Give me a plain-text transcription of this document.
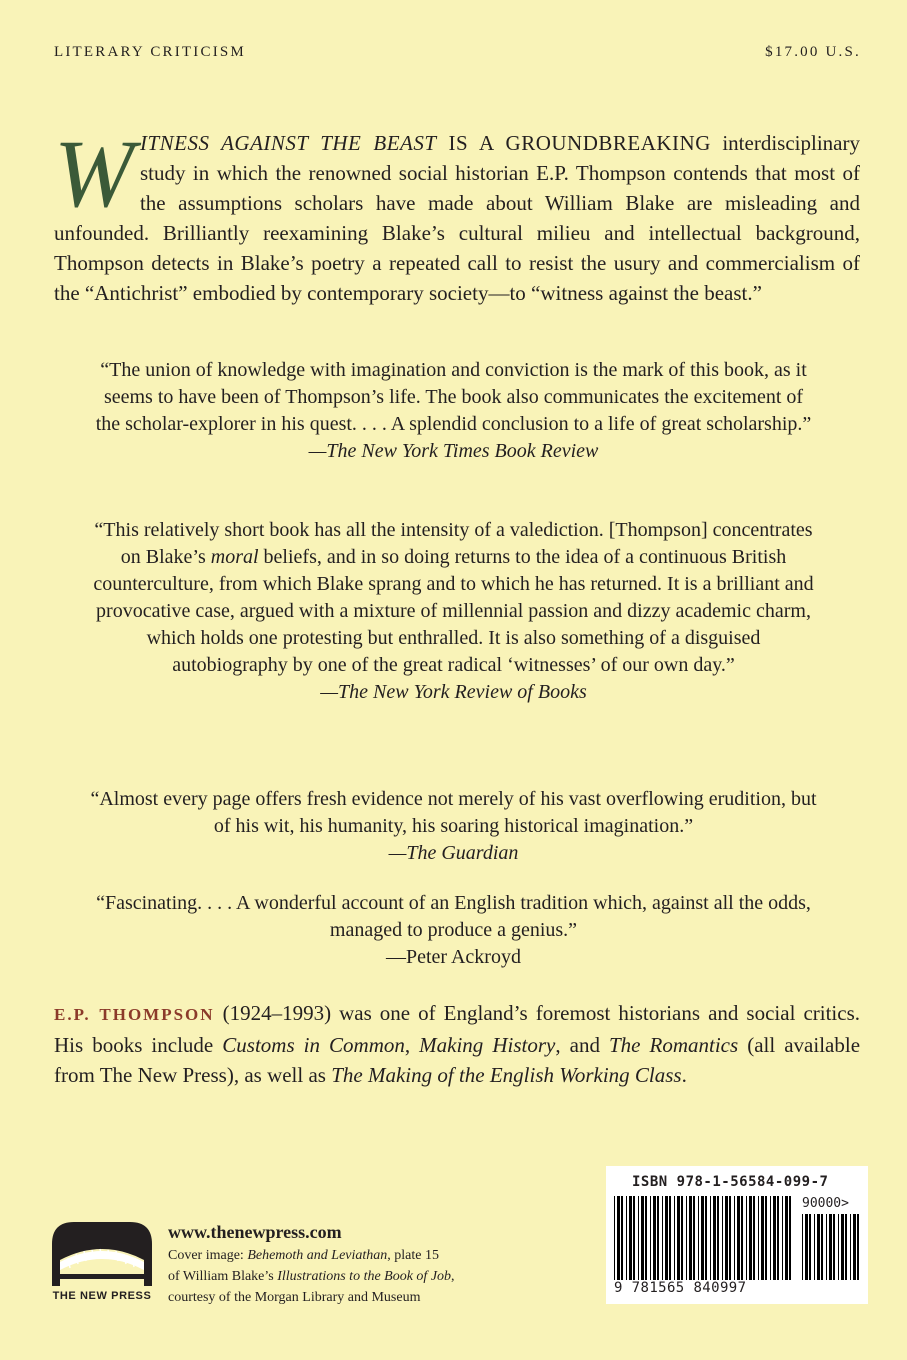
LITERARY CRITICISM	$17.00 U.S.
WITNESS AGAINST THE BEAST IS A GROUNDBREAKING interdisciplinary study in which the renowned social historian E.P. Thompson contends that most of the assumptions scholars have made about William Blake are misleading and unfounded. Brilliantly reexamining Blake’s cultural milieu and intellectual background, Thompson detects in Blake’s poetry a repeated call to resist the usury and commercialism of the “Antichrist” embodied by contemporary society—to “witness against the beast.”

“The union of knowledge with imagination and conviction is the mark of this book, as it seems to have been of Thompson’s life. The book also communicates the excitement of the scholar-explorer in his quest. . . . A splendid conclusion to a life of great scholarship.”

—The New York Times Book Review

“This relatively short book has all the intensity of a valediction. [Thompson] concentrates on Blake’s moral beliefs, and in so doing returns to the idea of a continuous British counterculture, from which Blake sprang and to which he has returned. It is a brilliant and provocative case, argued with a mixture of millennial passion and dizzy academic charm, which holds one protesting but enthralled. It is also something of a disguised autobiography by one of the great radical ‘witnesses’ of our own day.”

—The New York Review of Books

“Almost every page offers fresh evidence not merely of his vast overflowing erudition, but of his wit, his humanity, his soaring historical imagination.”

—The Guardian

“Fascinating. . . . A wonderful account of an English tradition which, against all the odds, managed to produce a genius.”

—Peter Ackroyd

E.P. THOMPSON (1924–1993) was one of England’s foremost historians and social critics. His books include Customs in Common, Making History, and The Romantics (all available from The New Press), as well as The Making of the English Working Class.
THE NEW PRESS
www.thenewpress.com
Cover image: Behemoth and Leviathan, plate 15
of William Blake’s Illustrations to the Book of Job,
courtesy of the Morgan Library and Museum
ISBN 978-1-56584-099-7
90000>
9 781565 840997
